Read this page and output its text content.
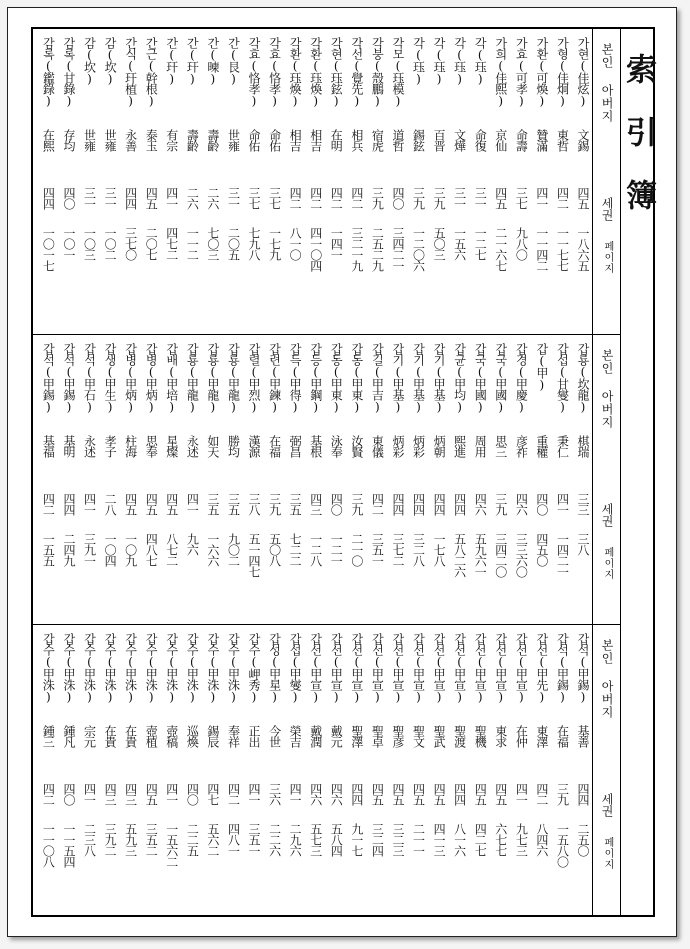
索引簿
본인 아버지
세권
페이지
가현(佳炫)
文錫
四五
一八六五
가형(佳炯)
東哲
四二
一一七七
가환(可煥)
贊滿
四一
一一四二
가효(可孝)
命壽
三七
九八〇
가희(佳熙)
京仙
四五
二一六七
각(珏)
命復
三一
一二七
각(珏)
文燁
三一
一五六
각(珏)
百晋
三九
五〇三
각(珏)
錫鉉
三九
一二〇六
각모(珏模)
道哲
四〇
三四二一
각붕(殼鵬)
宿虎
三九
二五二九
각선(覺先)
相兵
四二
三二一九
각현(珏鉉)
在明
四二
一四一
각환(珏煥)
相吉
四二
四一〇四
각환(珏煥)
相吉
四二
八一〇
각효(恪孝)
命佑
三七
一七九
각효(恪孝)
命佑
三七
七九八
간(艮)
世雍
三一
二〇五
간(暕)
壽齡
二六
七〇三
간(玕)
壽齡
二六
一一二
간(玕)
有宗
四一
四七二
간근(幹根)
泰玉
四五
二〇七
간식(玕植)
永善
四四
三七〇
감(坎)
世雍
三一
一〇二
감(坎)
世雍
三一
一〇三
감록(甘錄)
存均
四〇
一〇一
감록(鑑錄)
在熙
四四
一〇一七
본인 아버지
세권
페이지
갑룡(坎龍)
棋瑞
三三
三八
갑섭(甘燮)
秉仁
四一
一四二一
갑(甲)
重權
四〇
四五〇
갑경(甲慶)
彦祚
四六
三三六〇
갑국(甲國)
思三
三九
三四二〇
갑국(甲國)
周用
四六
五九六一
갑균(甲均)
熙進
四四
五八二六
갑기(甲基)
炳朝
四四
一七八
갑기(甲基)
炳彩
四四
三二八
갑기(甲基)
炳彩
四四
三七二
갑길(甲吉)
東儀
四二
三五一
갑동(甲東)
汝賢
三九
二一〇
갑동(甲東)
泳奉
四〇
一二一
갑등(甲鋼)
基根
四三
一二八
갑득(甲得)
弼昌
三五
七二二
갑련(甲鍊)
在福
三九
五〇八
갑렬(甲烈)
漢源
三八
五一四七
갑룡(甲龍)
勝均
三五
九〇二
갑룡(甲龍)
如天
三五
一六六
갑룡(甲龍)
永述
四一
九六
갑배(甲培)
星燦
四五
八七二
갑병(甲炳)
思奉
四五
四八七
갑병(甲炳)
柱海
四五
一〇九
갑생(甲生)
孝子
二八
一〇四
갑석(甲石)
永述
四一
三九一
갑석(甲錫)
基明
四四
二四九
갑석(甲錫)
基福
四二
一五五
본인 아버지
세권
페이지
갑석(甲錫)
基善
四四
二五〇
갑석(甲錫)
在福
三九
一五八〇
갑선(甲先)
東澤
四二
八四六
갑선(甲宣)
在仲
四一
九七三
갑선(甲宣)
東求
四五
六七七
갑선(甲宣)
聖機
四五
四二七
갑선(甲宣)
聖渡
四四
八一六
갑선(甲宣)
聖武
四五
四一三
갑선(甲宣)
聖文
四五
二一一
갑선(甲宣)
聖彦
四五
三二三
갑선(甲宣)
聖卓
四五
三二四
갑선(甲宣)
聖澤
四四
九一七
갑선(甲宣)
戴元
四六
五八四
갑선(甲宣)
戴潤
四六
五七三
갑섭(甲燮)
榮吉
四一
二九六
갑성(甲星)
今世
三六
二二六
갑수(岬秀)
正出
四一
三五一
갑수(甲洙)
奉祥
四二
四八一
갑수(甲洙)
錫辰
四七
五六二
갑수(甲洙)
巡煥
四〇
二二五
갑수(甲洙)
壺稿
四一
一五六二
갑수(甲洙)
壺植
四五
三五二
갑수(甲洙)
在貴
四三
五九三
갑수(甲洙)
在貴
四三
三九二
갑수(甲洙)
宗元
四一
二三八
갑수(甲洙)
鍾凡
四〇
一一五四
갑수(甲洙)
鍾三
四二
一一〇八
